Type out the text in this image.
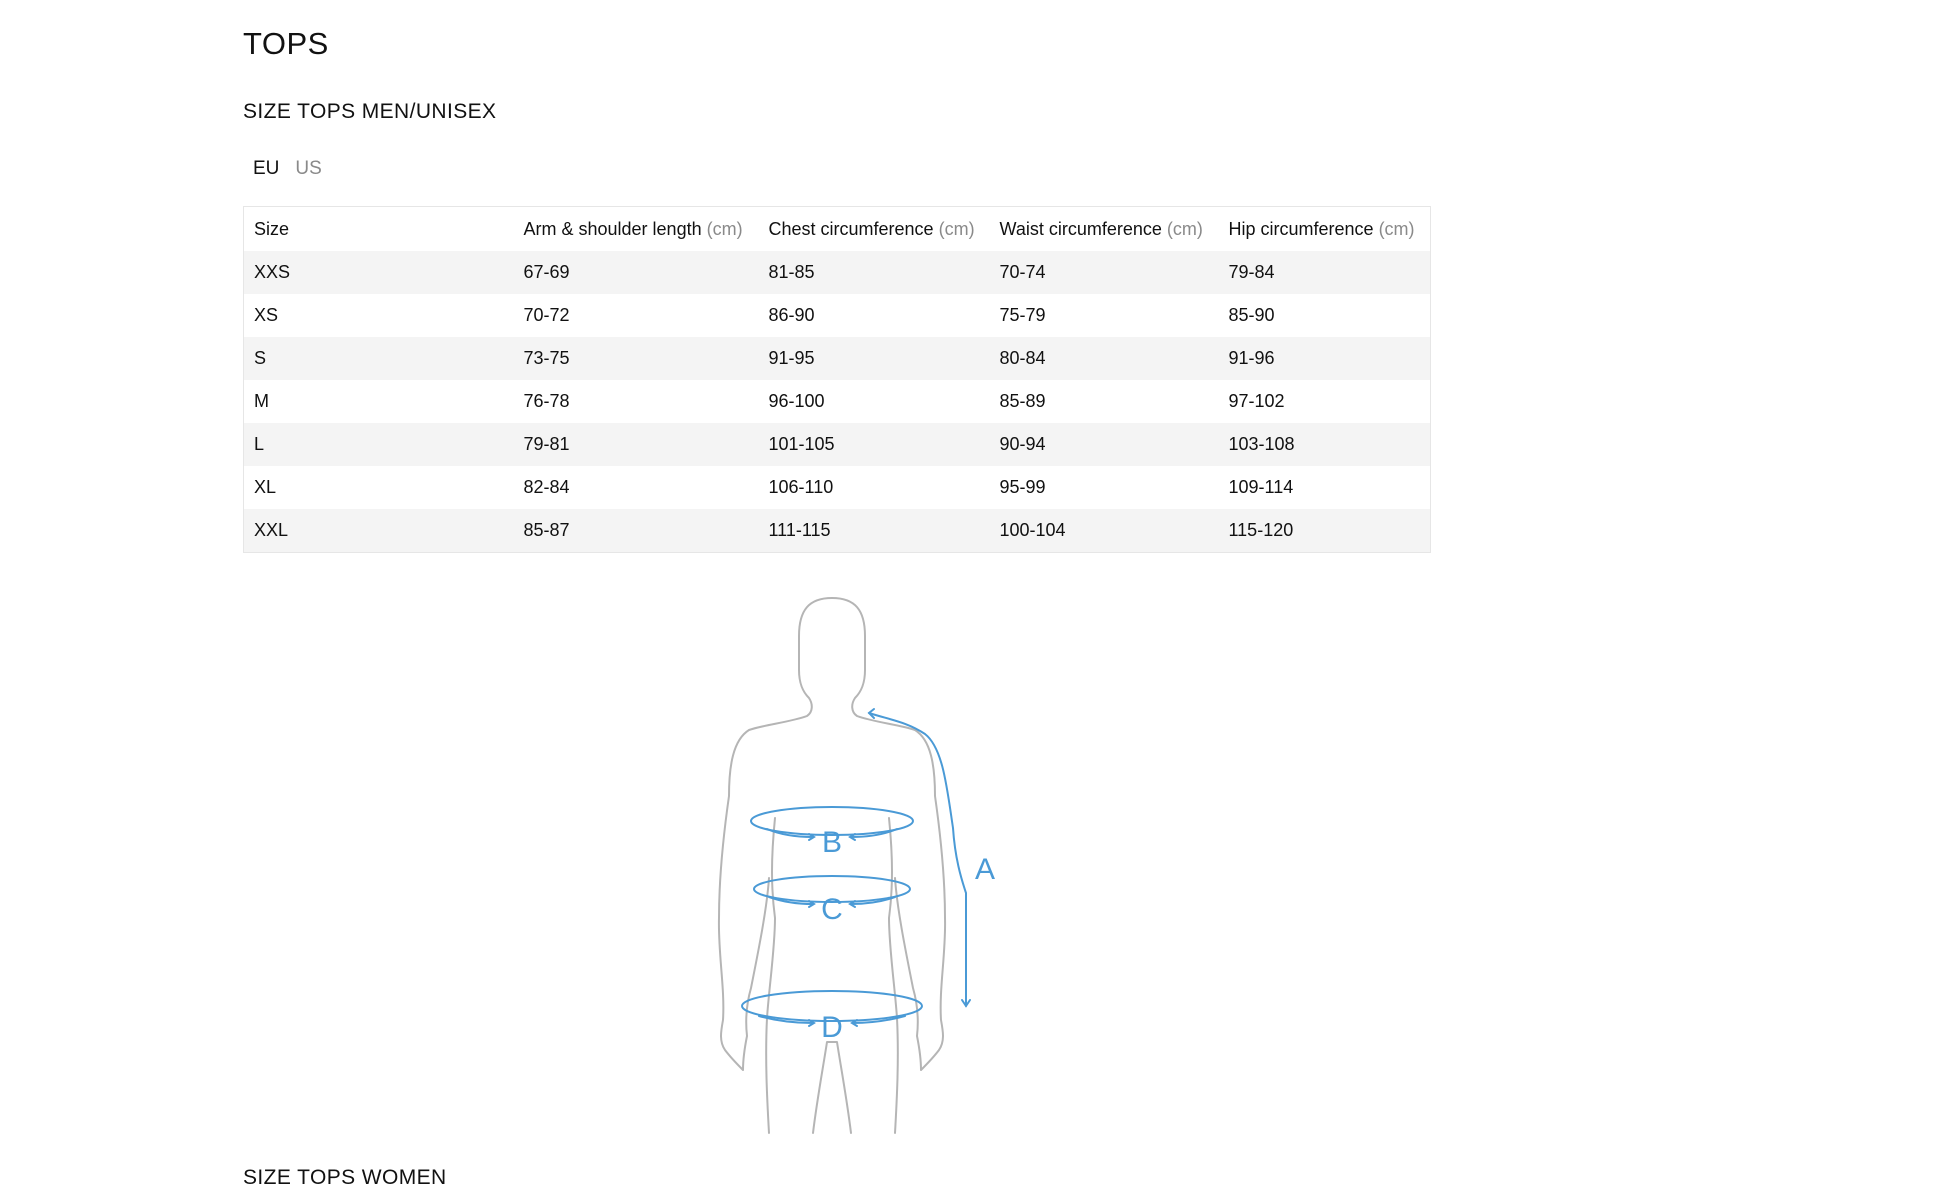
TOPS
SIZE TOPS MEN/UNISEX
EU US
Size	Arm & shoulder length (cm)	Chest circumference (cm)	Waist circumference (cm)	Hip circumference (cm)
XXS	67-69	81-85	70-74	79-84
XS	70-72	86-90	75-79	85-90
S	73-75	91-95	80-84	91-96
M	76-78	96-100	85-89	97-102
L	79-81	101-105	90-94	103-108
XL	82-84	106-110	95-99	109-114
XXL	85-87	111-115	100-104	115-120
A
B
C
D
SIZE TOPS WOMEN
